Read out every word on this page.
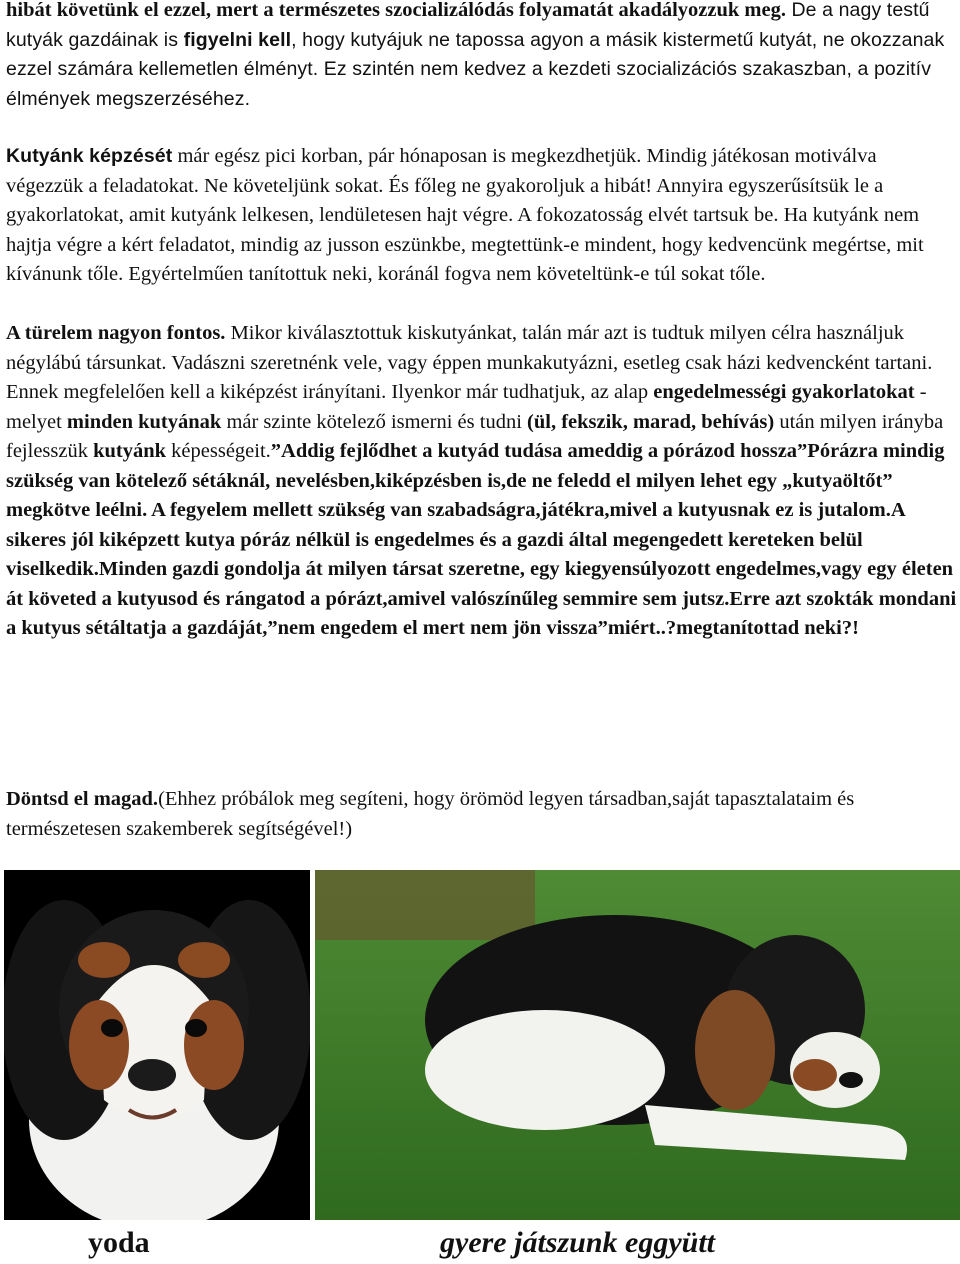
hibát követünk el ezzel, mert a természetes szocializálódás folyamatát akadályozzuk meg. De a nagy testű kutyák gazdáinak is figyelni kell, hogy kutyájuk ne tapossa agyon a másik kistermetű kutyát, ne okozzanak ezzel számára kellemetlen élményt. Ez szintén nem kedvez a kezdeti szocializációs szakaszban, a pozitív élmények megszerzéséhez.

Kutyánk képzését már egész pici korban, pár hónaposan is megkezdhetjük. Mindig játékosan motiválva végezzük a feladatokat. Ne követeljünk sokat. És főleg ne gyakoroljuk a hibát! Annyira egyszerűsítsük le a gyakorlatokat, amit kutyánk lelkesen, lendületesen hajt végre. A fokozatosság elvét tartsuk be. Ha kutyánk nem hajtja végre a kért feladatot, mindig az jusson eszünkbe, megtettünk-e mindent, hogy kedvencünk megértse, mit kívánunk tőle. Egyértelműen tanítottuk neki, koránál fogva nem követeltünk-e túl sokat tőle.

A türelem nagyon fontos. Mikor kiválasztottuk kiskutyánkat, talán már azt is tudtuk milyen célra használjuk négylábú társunkat. Vadászni szeretnénk vele, vagy éppen munkakutyázni, esetleg csak házi kedvencként tartani. Ennek megfelelően kell a kiképzést irányítani. Ilyenkor már tudhatjuk, az alap engedelmességi gyakorlatokat - melyet minden kutyának már szinte kötelező ismerni és tudni (ül, fekszik, marad, behívás) után milyen irányba fejlesszük kutyánk képességeit.”Addig fejlődhet a kutyád tudása ameddig a pórázod hossza”Pórázra mindig szükség van kötelező sétáknál, nevelésben,kiképzésben is,de ne feledd el milyen lehet egy „kutyaöltőt” megkötve leélni. A fegyelem mellett szükség van szabadságra,játékra,mivel a kutyusnak ez is jutalom.A sikeres jól kiképzett kutya póráz nélkül is engedelmes és a gazdi által megengedett kereteken belül viselkedik.Minden gazdi gondolja át milyen társat szeretne, egy kiegyensúlyozott engedelmes,vagy egy életen át követed a kutyusod és rángatod a pórázt,amivel valószínűleg semmire sem jutsz.Erre azt szokták mondani a kutyus sétáltatja a gazdáját,”nem engedem el mert nem jön vissza”miért..?megtanítottad neki?!

Döntsd el magad.(Ehhez próbálok meg segíteni, hogy örömöd legyen társadban,saját tapasztalataim és természetesen szakemberek segítségével!)

yoda	gyere játszunk eggyütt
